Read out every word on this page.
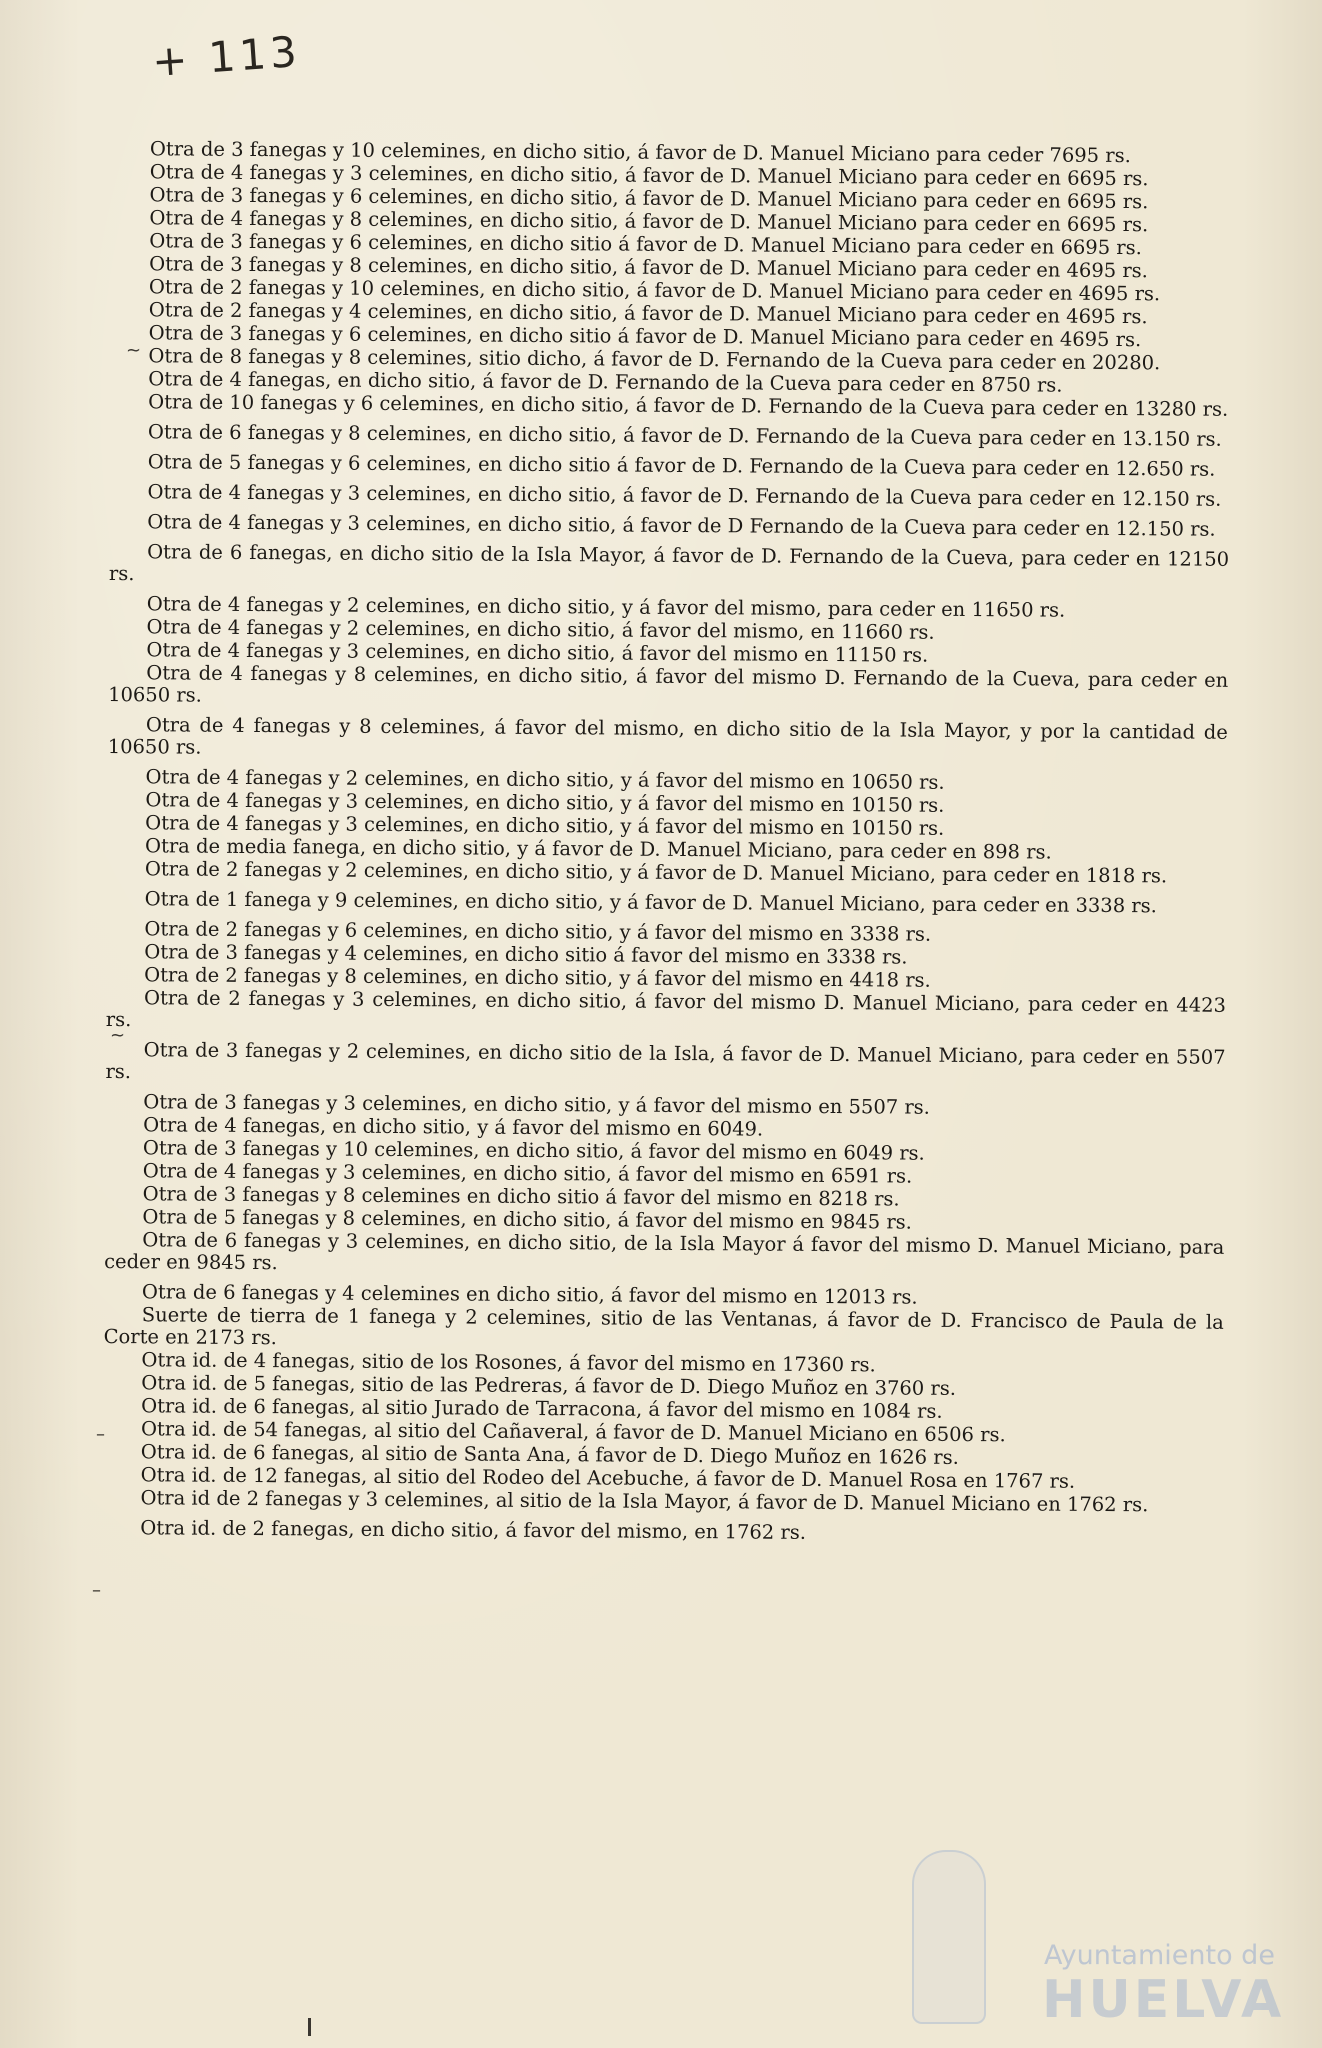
+ 113
~
~
–
–
Otra de 3 fanegas y 10 celemines, en dicho sitio, á favor de D. Manuel Miciano para ceder 7695 rs.
Otra de 4 fanegas y 3 celemines, en dicho sitio, á favor de D. Manuel Miciano para ceder en 6695 rs.
Otra de 3 fanegas y 6 celemines, en dicho sitio, á favor de D. Manuel Miciano para ceder en 6695 rs.
Otra de 4 fanegas y 8 celemines, en dicho sitio, á favor de D. Manuel Miciano para ceder en 6695 rs.
Otra de 3 fanegas y 6 celemines, en dicho sitio á favor de D. Manuel Miciano para ceder en 6695 rs.
Otra de 3 fanegas y 8 celemines, en dicho sitio, á favor de D. Manuel Miciano para ceder en 4695 rs.
Otra de 2 fanegas y 10 celemines, en dicho sitio, á favor de D. Manuel Miciano para ceder en 4695 rs.
Otra de 2 fanegas y 4 celemines, en dicho sitio, á favor de D. Manuel Miciano para ceder en 4695 rs.
Otra de 3 fanegas y 6 celemines, en dicho sitio á favor de D. Manuel Miciano para ceder en 4695 rs.
Otra de 8 fanegas y 8 celemines, sitio dicho, á favor de D. Fernando de la Cueva para ceder en 20280.
Otra de 4 fanegas, en dicho sitio, á favor de D. Fernando de la Cueva para ceder en 8750 rs.
Otra de 10 fanegas y 6 celemines, en dicho sitio, á favor de D. Fernando de la Cueva para ceder en 13280 rs.
Otra de 6 fanegas y 8 celemines, en dicho sitio, á favor de D. Fernando de la Cueva para ceder en 13.150 rs.
Otra de 5 fanegas y 6 celemines, en dicho sitio á favor de D. Fernando de la Cueva para ceder en 12.650 rs.
Otra de 4 fanegas y 3 celemines, en dicho sitio, á favor de D. Fernando de la Cueva para ceder en 12.150 rs.
Otra de 4 fanegas y 3 celemines, en dicho sitio, á favor de D Fernando de la Cueva para ceder en 12.150 rs.
Otra de 6 fanegas, en dicho sitio de la Isla Mayor, á favor de D. Fernando de la Cueva, para ceder en 12150 rs.
Otra de 4 fanegas y 2 celemines, en dicho sitio, y á favor del mismo, para ceder en 11650 rs.
Otra de 4 fanegas y 2 celemines, en dicho sitio, á favor del mismo, en 11660 rs.
Otra de 4 fanegas y 3 celemines, en dicho sitio, á favor del mismo en 11150 rs.
Otra de 4 fanegas y 8 celemines, en dicho sitio, á favor del mismo D. Fernando de la Cueva, para ceder en 10650 rs.
Otra de 4 fanegas y 8 celemines, á favor del mismo, en dicho sitio de la Isla Mayor, y por la cantidad de 10650 rs.
Otra de 4 fanegas y 2 celemines, en dicho sitio, y á favor del mismo en 10650 rs.
Otra de 4 fanegas y 3 celemines, en dicho sitio, y á favor del mismo en 10150 rs.
Otra de 4 fanegas y 3 celemines, en dicho sitio, y á favor del mismo en 10150 rs.
Otra de media fanega, en dicho sitio, y á favor de D. Manuel Miciano, para ceder en 898 rs.
Otra de 2 fanegas y 2 celemines, en dicho sitio, y á favor de D. Manuel Miciano, para ceder en 1818 rs.
Otra de 1 fanega y 9 celemines, en dicho sitio, y á favor de D. Manuel Miciano, para ceder en 3338 rs.
Otra de 2 fanegas y 6 celemines, en dicho sitio, y á favor del mismo en 3338 rs.
Otra de 3 fanegas y 4 celemines, en dicho sitio á favor del mismo en 3338 rs.
Otra de 2 fanegas y 8 celemines, en dicho sitio, y á favor del mismo en 4418 rs.
Otra de 2 fanegas y 3 celemines, en dicho sitio, á favor del mismo D. Manuel Miciano, para ceder en 4423 rs.
Otra de 3 fanegas y 2 celemines, en dicho sitio de la Isla, á favor de D. Manuel Miciano, para ceder en 5507 rs.
Otra de 3 fanegas y 3 celemines, en dicho sitio, y á favor del mismo en 5507 rs.
Otra de 4 fanegas, en dicho sitio, y á favor del mismo en 6049.
Otra de 3 fanegas y 10 celemines, en dicho sitio, á favor del mismo en 6049 rs.
Otra de 4 fanegas y 3 celemines, en dicho sitio, á favor del mismo en 6591 rs.
Otra de 3 fanegas y 8 celemines en dicho sitio á favor del mismo en 8218 rs.
Otra de 5 fanegas y 8 celemines, en dicho sitio, á favor del mismo en 9845 rs.
Otra de 6 fanegas y 3 celemines, en dicho sitio, de la Isla Mayor á favor del mismo D. Manuel Miciano, para ceder en 9845 rs.
Otra de 6 fanegas y 4 celemines en dicho sitio, á favor del mismo en 12013 rs.
Suerte de tierra de 1 fanega y 2 celemines, sitio de las Ventanas, á favor de D. Francisco de Paula de la Corte en 2173 rs.
Otra id. de 4 fanegas, sitio de los Rosones, á favor del mismo en 17360 rs.
Otra id. de 5 fanegas, sitio de las Pedreras, á favor de D. Diego Muñoz en 3760 rs.
Otra id. de 6 fanegas, al sitio Jurado de Tarracona, á favor del mismo en 1084 rs.
Otra id. de 54 fanegas, al sitio del Cañaveral, á favor de D. Manuel Miciano en 6506 rs.
Otra id. de 6 fanegas, al sitio de Santa Ana, á favor de D. Diego Muñoz en 1626 rs.
Otra id. de 12 fanegas, al sitio del Rodeo del Acebuche, á favor de D. Manuel Rosa en 1767 rs.
Otra id de 2 fanegas y 3 celemines, al sitio de la Isla Mayor, á favor de D. Manuel Miciano en 1762 rs.
Otra id. de 2 fanegas, en dicho sitio, á favor del mismo, en 1762 rs.
Ayuntamiento de
HUELVA
